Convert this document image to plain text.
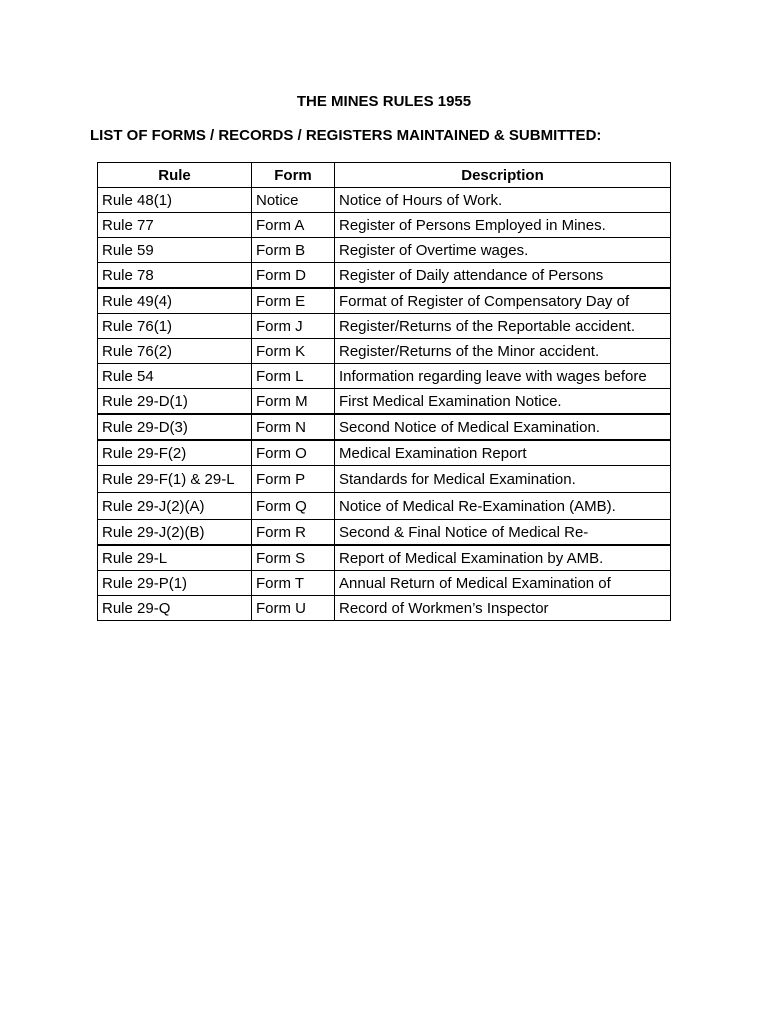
THE MINES RULES 1955
LIST OF FORMS / RECORDS / REGISTERS MAINTAINED & SUBMITTED:
Rule	Form	Description
Rule 48(1)	Notice	Notice of Hours of Work.
Rule 77	Form A	Register of Persons Employed in Mines.
Rule 59	Form B	Register of Overtime wages.
Rule 78	Form D	Register of Daily attendance of Persons
Rule 49(4)	Form E	Format of Register of Compensatory Day of
Rule 76(1)	Form J	Register/Returns of the Reportable accident.
Rule 76(2)	Form K	Register/Returns of the Minor accident.
Rule 54	Form L	Information regarding leave with wages before
Rule 29-D(1)	Form M	First Medical Examination Notice.
Rule 29-D(3)	Form N	Second Notice of Medical Examination.
Rule 29-F(2)	Form O	Medical Examination Report
Rule 29-F(1) & 29-L	Form P	Standards for Medical Examination.
Rule 29-J(2)(A)	Form Q	Notice of Medical Re-Examination (AMB).
Rule 29-J(2)(B)	Form R	Second & Final Notice of Medical Re-
Rule 29-L	Form S	Report of Medical Examination by AMB.
Rule 29-P(1)	Form T	Annual Return of Medical Examination of
Rule 29-Q	Form U	Record of Workmen’s Inspector
